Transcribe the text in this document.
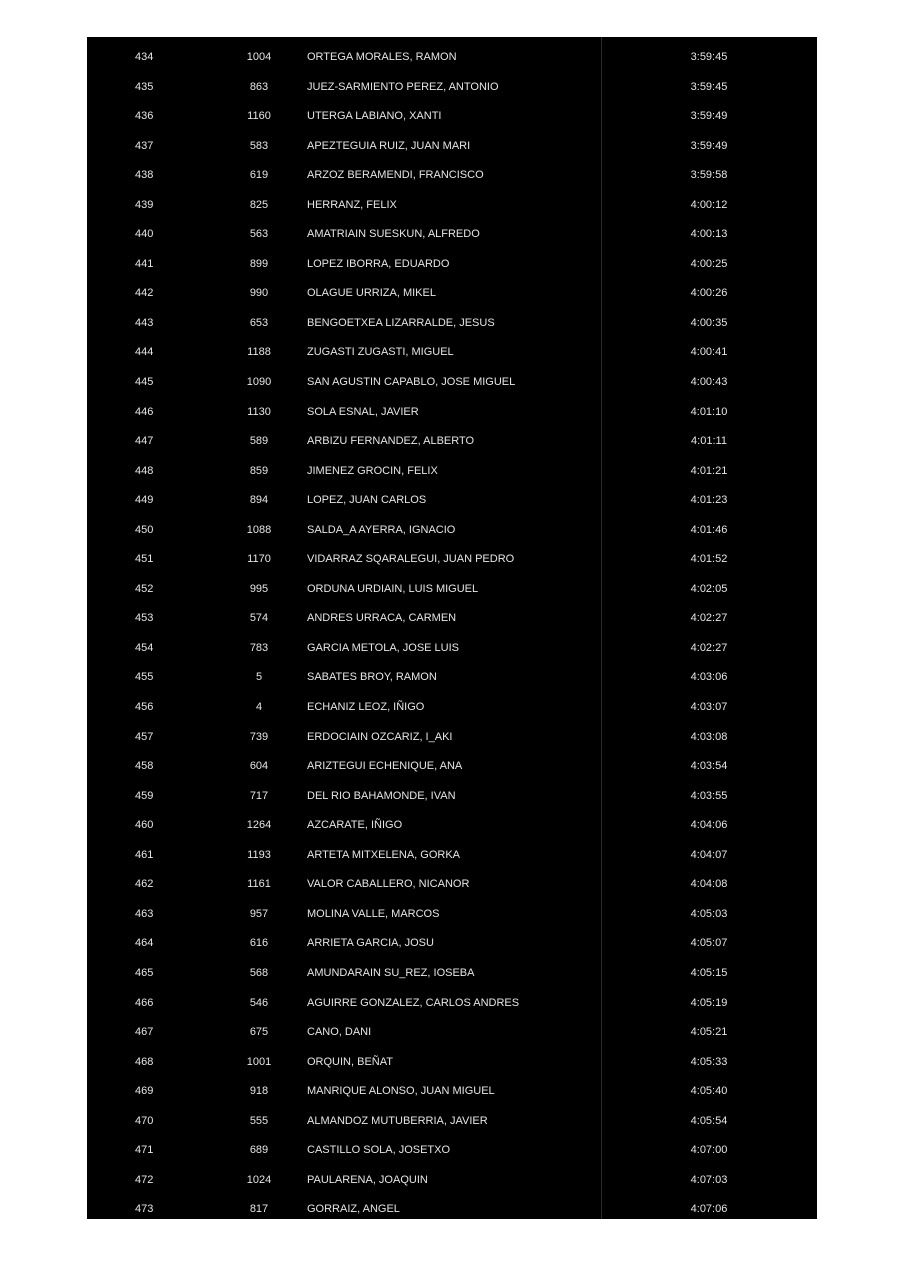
434	1004	ORTEGA MORALES, RAMON	3:59:45
435	863	JUEZ-SARMIENTO PEREZ, ANTONIO	3:59:45
436	1160	UTERGA LABIANO, XANTI	3:59:49
437	583	APEZTEGUIA RUIZ, JUAN MARI	3:59:49
438	619	ARZOZ BERAMENDI, FRANCISCO	3:59:58
439	825	HERRANZ, FELIX	4:00:12
440	563	AMATRIAIN SUESKUN, ALFREDO	4:00:13
441	899	LOPEZ IBORRA, EDUARDO	4:00:25
442	990	OLAGUE URRIZA, MIKEL	4:00:26
443	653	BENGOETXEA LIZARRALDE, JESUS	4:00:35
444	1188	ZUGASTI ZUGASTI, MIGUEL	4:00:41
445	1090	SAN AGUSTIN CAPABLO, JOSE MIGUEL	4:00:43
446	1130	SOLA ESNAL, JAVIER	4:01:10
447	589	ARBIZU FERNANDEZ, ALBERTO	4:01:11
448	859	JIMENEZ GROCIN, FELIX	4:01:21
449	894	LOPEZ, JUAN CARLOS	4:01:23
450	1088	SALDA_A AYERRA, IGNACIO	4:01:46
451	1170	VIDARRAZ SQARALEGUI, JUAN PEDRO	4:01:52
452	995	ORDUNA URDIAIN, LUIS MIGUEL	4:02:05
453	574	ANDRES URRACA, CARMEN	4:02:27
454	783	GARCIA METOLA, JOSE LUIS	4:02:27
455	5	SABATES BROY, RAMON	4:03:06
456	4	ECHANIZ LEOZ, IÑIGO	4:03:07
457	739	ERDOCIAIN OZCARIZ, I_AKI	4:03:08
458	604	ARIZTEGUI ECHENIQUE, ANA	4:03:54
459	717	DEL RIO BAHAMONDE, IVAN	4:03:55
460	1264	AZCARATE, IÑIGO	4:04:06
461	1193	ARTETA MITXELENA, GORKA	4:04:07
462	1161	VALOR CABALLERO, NICANOR	4:04:08
463	957	MOLINA VALLE, MARCOS	4:05:03
464	616	ARRIETA GARCIA, JOSU	4:05:07
465	568	AMUNDARAIN SU_REZ, IOSEBA	4:05:15
466	546	AGUIRRE GONZALEZ, CARLOS ANDRES	4:05:19
467	675	CANO, DANI	4:05:21
468	1001	ORQUIN, BEÑAT	4:05:33
469	918	MANRIQUE ALONSO, JUAN MIGUEL	4:05:40
470	555	ALMANDOZ MUTUBERRIA, JAVIER	4:05:54
471	689	CASTILLO SOLA, JOSETXO	4:07:00
472	1024	PAULARENA, JOAQUIN	4:07:03
473	817	GORRAIZ, ANGEL	4:07:06
